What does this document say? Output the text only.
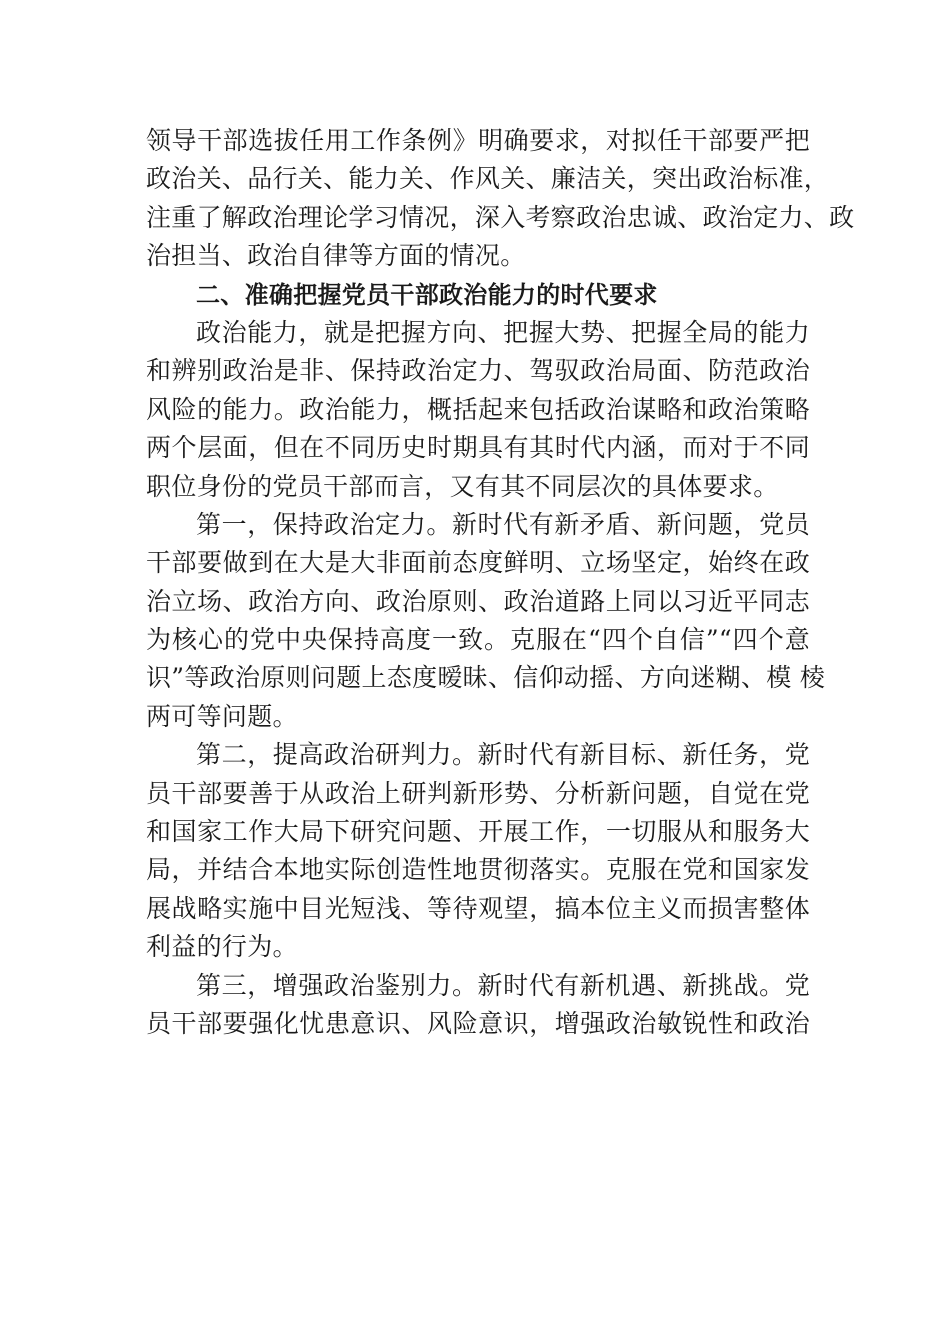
领导干部选拔任用工作条例》明确要求，对拟任干部要严把
政治关、品行关、能力关、作风关、廉洁关，突出政治标准，
注重了解政治理论学习情况，深入考察政治忠诚、政治定力、政
治担当、政治自律等方面的情况。
二、准确把握党员干部政治能力的时代要求
政治能力，就是把握方向、把握大势、把握全局的能力
和辨别政治是非、保持政治定力、驾驭政治局面、防范政治
风险的能力。政治能力，概括起来包括政治谋略和政治策略
两个层面，但在不同历史时期具有其时代内涵，而对于不同
职位身份的党员干部而言，又有其不同层次的具体要求。
第一，保持政治定力。新时代有新矛盾、新问题，党员
干部要做到在大是大非面前态度鲜明、立场坚定，始终在政
治立场、政治方向、政治原则、政治道路上同以习近平同志
为核心的党中央保持高度一致。克服在“四个自信”“四个意
识”等政治原则问题上态度暧昧、信仰动摇、方向迷糊、模 棱
两可等问题。
第二，提高政治研判力。新时代有新目标、新任务，党
员干部要善于从政治上研判新形势、分析新问题，自觉在党
和国家工作大局下研究问题、开展工作，一切服从和服务大
局，并结合本地实际创造性地贯彻落实。克服在党和国家发
展战略实施中目光短浅、等待观望，搞本位主义而损害整体
利益的行为。
第三，增强政治鉴别力。新时代有新机遇、新挑战。党
员干部要强化忧患意识、风险意识，增强政治敏锐性和政治
